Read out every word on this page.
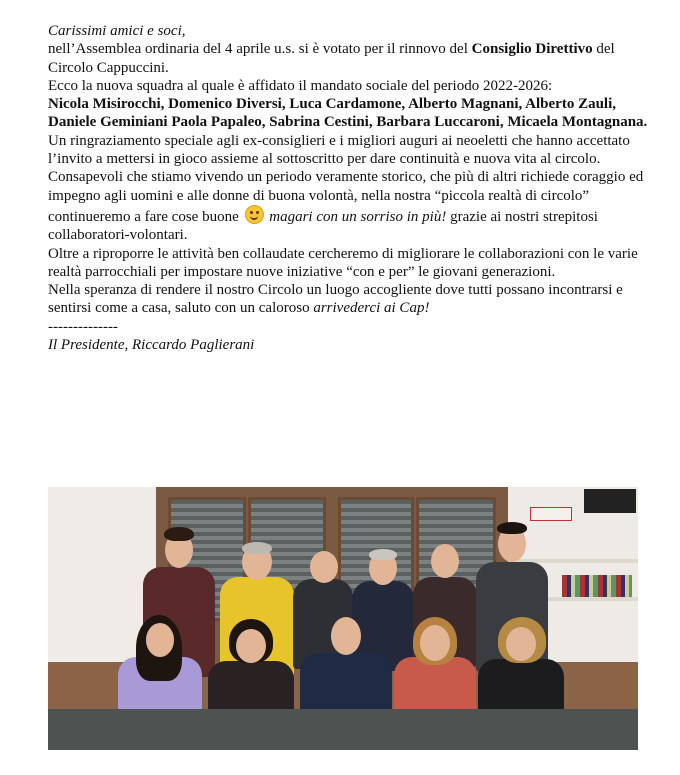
Carissimi amici e soci,

nell’Assemblea ordinaria del 4 aprile u.s. si è votato per il rinnovo del Consiglio Direttivo del Circolo Cappuccini.

Ecco la nuova squadra al quale è affidato il mandato sociale del periodo 2022-2026:

Nicola Misirocchi, Domenico Diversi, Luca Cardamone, Alberto Magnani, Alberto Zauli, Daniele Geminiani Paola Papaleo, Sabrina Cestini, Barbara Luccaroni, Micaela Montagnana.

Un ringraziamento speciale agli ex-consiglieri e i migliori auguri ai neoeletti che hanno accettato l’invito a mettersi in gioco assieme al sottoscritto per dare continuità e nuova vita al circolo.

Consapevoli che stiamo vivendo un periodo veramente storico, che più di altri richiede coraggio ed impegno agli uomini e alle donne di buona volontà, nella nostra “piccola realtà di circolo” continueremo a fare cose buone
magari con un sorriso in più! grazie ai nostri strepitosi collaboratori-volontari.

Oltre a riproporre le attività ben collaudate cercheremo di migliorare le collaborazioni con le varie realtà parrocchiali per impostare nuove iniziative “con e per” le giovani generazioni.

Nella speranza di rendere il nostro Circolo un luogo accogliente dove tutti possano incontrarsi e sentirsi come a casa, saluto con un caloroso arrivederci ai Cap!

--------------

Il Presidente, Riccardo Paglierani
